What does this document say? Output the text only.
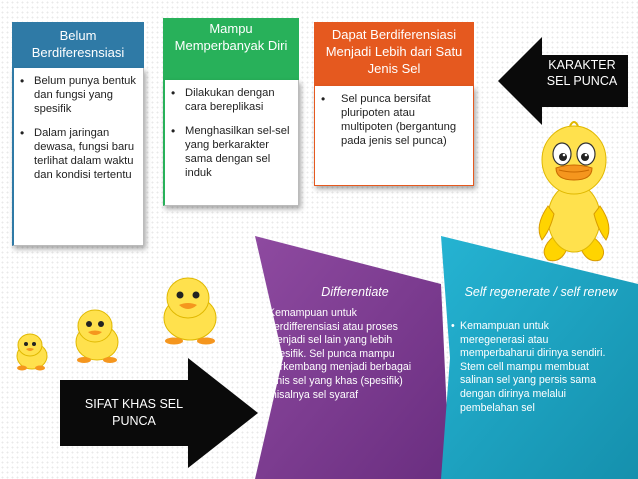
Belum Berdiferesnsiasi
• Belum punya bentuk dan fungsi yang spesifik
• Dalam jaringan dewasa, fungsi baru terlihat dalam waktu dan kondisi tertentu
Mampu Memperbanyak Diri
• Dilakukan dengan cara bereplikasi
• Menghasilkan sel-sel yang berkarakter sama dengan sel induk
Dapat Berdiferensiasi Menjadi Lebih dari Satu Jenis Sel
• Sel punca bersifat pluripoten atau multipoten (bergantung pada jenis sel punca)
KARAKTER SEL PUNCA
Differentiate
• Kemampuan untuk berdifferensiasi atau proses menjadi sel lain yang lebih spesifik. Sel punca mampu berkembang menjadi berbagai jenis sel yang khas (spesifik) misalnya sel syaraf
Self regenerate / self renew
• Kemampuan untuk meregenerasi atau memperbaharui dirinya sendiri. Stem cell mampu membuat salinan sel yang persis sama dengan dirinya melalui pembelahan sel
SIFAT KHAS SEL PUNCA
